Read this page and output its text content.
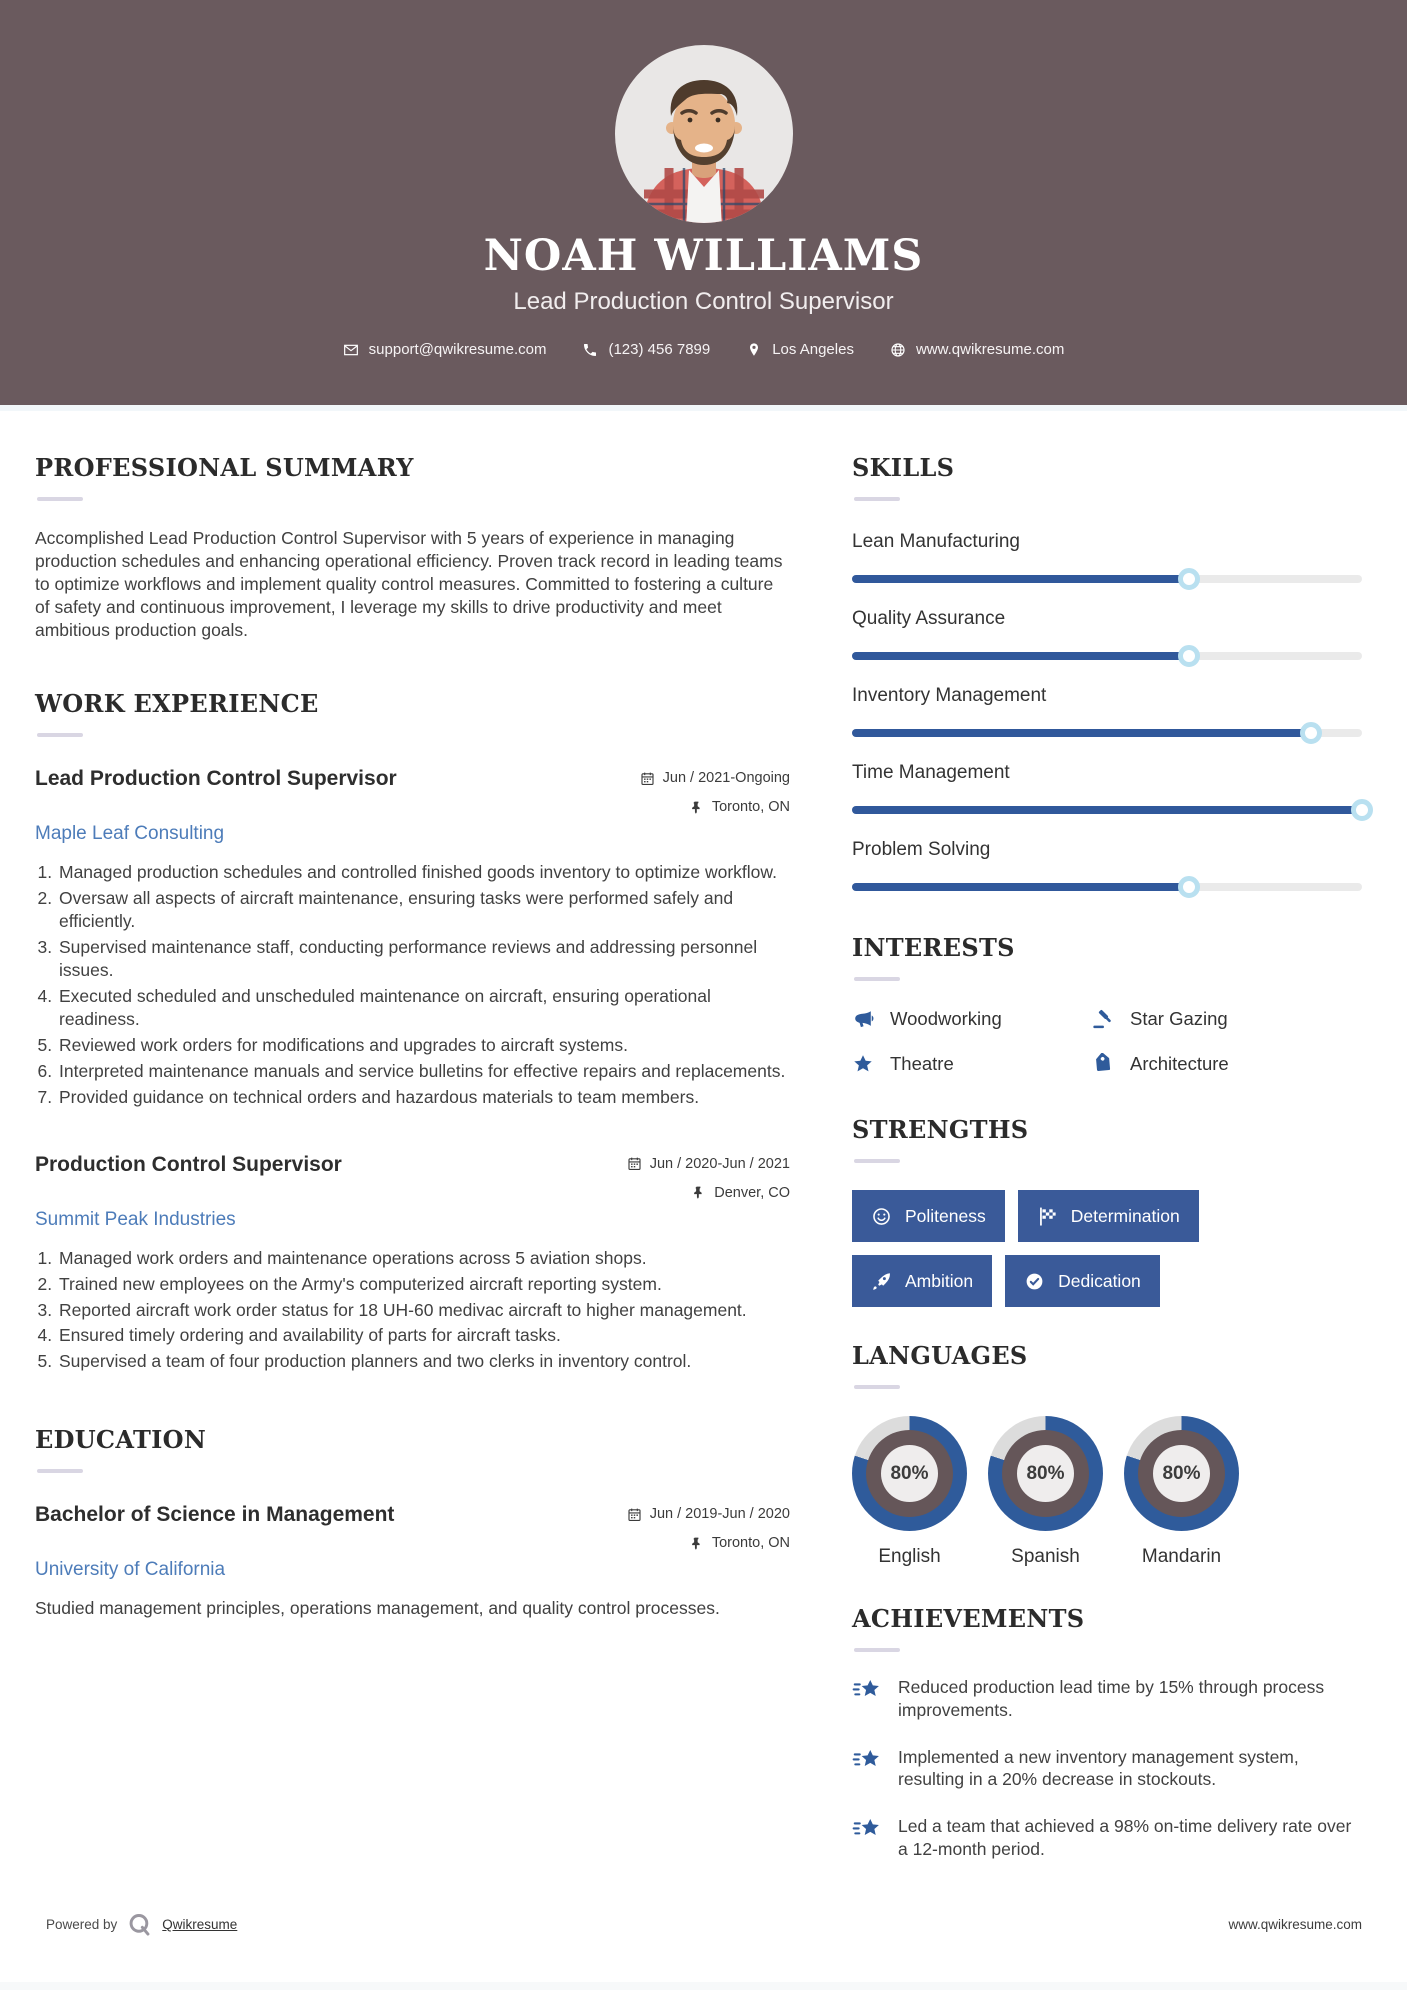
NOAH WILLIAMS
Lead Production Control Supervisor
support@qwikresume.com	(123) 456 7899	Los Angeles	www.qwikresume.com
PROFESSIONAL SUMMARY

Accomplished Lead Production Control Supervisor with 5 years of experience in managing production schedules and enhancing operational efficiency. Proven track record in leading teams to optimize workflows and implement quality control measures. Committed to fostering a culture of safety and continuous improvement, I leverage my skills to drive productivity and meet ambitious production goals.

WORK EXPERIENCE
Lead Production Control Supervisor	Jun / 2021-Ongoing
Toronto, ON
Maple Leaf Consulting
1. Managed production schedules and controlled finished goods inventory to optimize workflow.
2. Oversaw all aspects of aircraft maintenance, ensuring tasks were performed safely and efficiently.
3. Supervised maintenance staff, conducting performance reviews and addressing personnel issues.
4. Executed scheduled and unscheduled maintenance on aircraft, ensuring operational readiness.
5. Reviewed work orders for modifications and upgrades to aircraft systems.
6. Interpreted maintenance manuals and service bulletins for effective repairs and replacements.
7. Provided guidance on technical orders and hazardous materials to team members.
Production Control Supervisor	Jun / 2020-Jun / 2021
Denver, CO
Summit Peak Industries
1. Managed work orders and maintenance operations across 5 aviation shops.
2. Trained new employees on the Army's computerized aircraft reporting system.
3. Reported aircraft work order status for 18 UH-60 medivac aircraft to higher management.
4. Ensured timely ordering and availability of parts for aircraft tasks.
5. Supervised a team of four production planners and two clerks in inventory control.
EDUCATION
Bachelor of Science in Management	Jun / 2019-Jun / 2020
Toronto, ON
University of California

Studied management principles, operations management, and quality control processes.

SKILLS
Lean Manufacturing
Quality Assurance
Inventory Management
Time Management
Problem Solving
INTERESTS
Woodworking	Star Gazing
Theatre	Architecture
STRENGTHS
Politeness	Determination
Ambition	Dedication
LANGUAGES
80%
English
80%
Spanish
80%
Mandarin
ACHIEVEMENTS

Reduced production lead time by 15% through process improvements.

Implemented a new inventory management system, resulting in a 20% decrease in stockouts.

Led a team that achieved a 98% on-time delivery rate over a 12-month period.

Powered by	Qwikresume	www.qwikresume.com
